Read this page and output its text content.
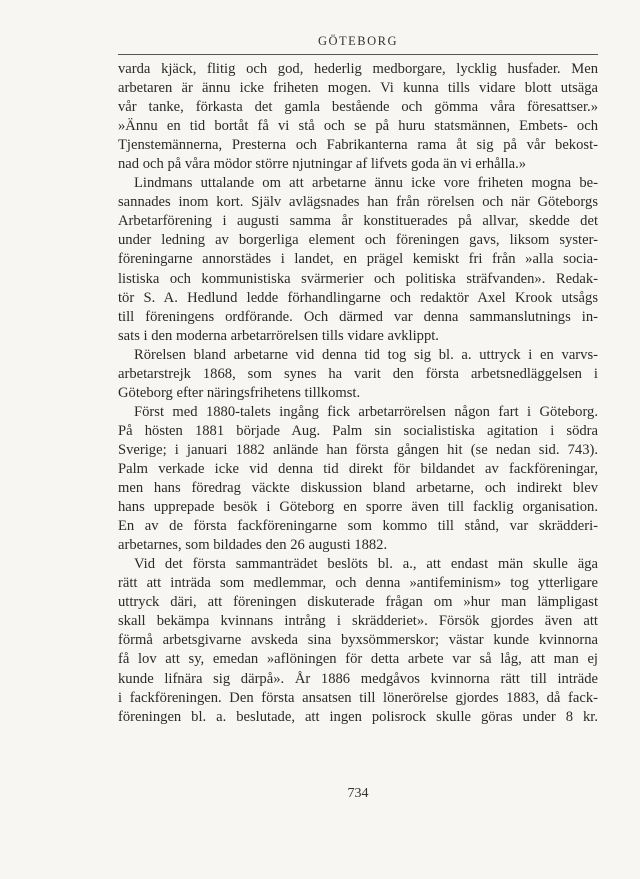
GÖTEBORG
varda kjäck, flitig och god, hederlig medborgare, lycklig husfader. Men
arbetaren är ännu icke friheten mogen. Vi kunna tills vidare blott utsäga
vår tanke, förkasta det gamla bestående och gömma våra föresattser.»
»Ännu en tid bortåt få vi stå och se på huru statsmännen, Embets- och
Tjenstemännerna, Presterna och Fabrikanterna rama åt sig på vår bekost-
nad och på våra mödor större njutningar af lifvets goda än vi erhålla.»
Lindmans uttalande om att arbetarne ännu icke vore friheten mogna be-
sannades inom kort. Själv avlägsnades han från rörelsen och när Göteborgs
Arbetarförening i augusti samma år konstituerades på allvar, skedde det
under ledning av borgerliga element och föreningen gavs, liksom syster-
föreningarne annorstädes i landet, en prägel kemiskt fri från »alla socia-
listiska och kommunistiska svärmerier och politiska sträfvanden». Redak-
tör S. A. Hedlund ledde förhandlingarne och redaktör Axel Krook utsågs
till föreningens ordförande. Och därmed var denna sammanslutnings in-
sats i den moderna arbetarrörelsen tills vidare avklippt.
Rörelsen bland arbetarne vid denna tid tog sig bl. a. uttryck i en varvs-
arbetarstrejk 1868, som synes ha varit den första arbetsnedläggelsen i
Göteborg efter näringsfrihetens tillkomst.
Först med 1880-talets ingång fick arbetarrörelsen någon fart i Göteborg.
På hösten 1881 började Aug. Palm sin socialistiska agitation i södra
Sverige; i januari 1882 anlände han första gången hit (se nedan sid. 743).
Palm verkade icke vid denna tid direkt för bildandet av fackföreningar,
men hans föredrag väckte diskussion bland arbetarne, och indirekt blev
hans upprepade besök i Göteborg en sporre även till facklig organisation.
En av de första fackföreningarne som kommo till stånd, var skrädderi-
arbetarnes, som bildades den 26 augusti 1882.
Vid det första sammanträdet beslöts bl. a., att endast män skulle äga
rätt att inträda som medlemmar, och denna »antifeminism» tog ytterligare
uttryck däri, att föreningen diskuterade frågan om »hur man lämpligast
skall bekämpa kvinnans intrång i skrädderiet». Försök gjordes även att
förmå arbetsgivarne avskeda sina byxsömmerskor; västar kunde kvinnorna
få lov att sy, emedan »aflöningen för detta arbete var så låg, att man ej
kunde lifnära sig därpå». År 1886 medgåvos kvinnorna rätt till inträde
i fackföreningen. Den första ansatsen till lönerörelse gjordes 1883, då fack-
föreningen bl. a. beslutade, att ingen polisrock skulle göras under 8 kr.
734
